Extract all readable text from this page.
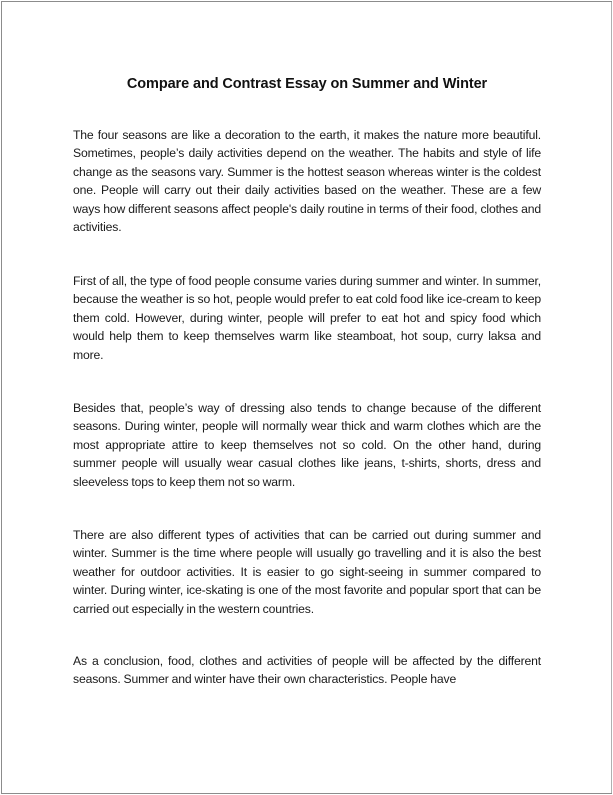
Compare and Contrast Essay on Summer and Winter

The four seasons are like a decoration to the earth, it makes the nature more beautiful. Sometimes, people’s daily activities depend on the weather. The habits and style of life change as the seasons vary. Summer is the hottest season whereas winter is the coldest one. People will carry out their daily activities based on the weather. These are a few ways how different seasons affect people's daily routine in terms of their food, clothes and activities.

First of all, the type of food people consume varies during summer and winter. In summer, because the weather is so hot, people would prefer to eat cold food like ice-cream to keep them cold. However, during winter, people will prefer to eat hot and spicy food which would help them to keep themselves warm like steamboat, hot soup, curry laksa and more.

Besides that, people’s way of dressing also tends to change because of the different seasons. During winter, people will normally wear thick and warm clothes which are the most appropriate attire to keep themselves not so cold. On the other hand, during summer people will usually wear casual clothes like jeans, t-shirts, shorts, dress and sleeveless tops to keep them not so warm.

There are also different types of activities that can be carried out during summer and winter. Summer is the time where people will usually go travelling and it is also the best weather for outdoor activities. It is easier to go sight-seeing in summer compared to winter. During winter, ice-skating is one of the most favorite and popular sport that can be carried out especially in the western countries.

As a conclusion, food, clothes and activities of people will be affected by the different seasons. Summer and winter have their own characteristics. People have
